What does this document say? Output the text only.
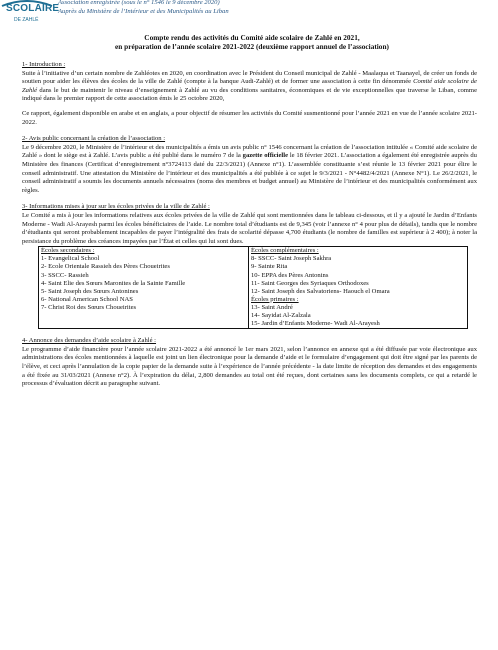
SCOLAIRE
DE ZAHLÉ
Association enregistrée (sous le n° 1546 le 9 décembre 2020)
Auprès du Ministère de l’Intérieur et des Municipalités au Liban
Compte rendu des activités du Comité aide scolaire de Zahlé en 2021,
en préparation de l’année scolaire 2021-2022 (deuxième rapport annuel de l’association)
1- Introduction :

Suite à l’initiative d’un certain nombre de Zahléotes en 2020, en coordination avec le Président du Conseil municipal de Zahlé - Maalaqua et Taanayel, de créer un fonds de soutien pour aider les élèves des écoles de la ville de Zahlé (compte à la banque Audi-Zahlé) et de former une association à cette fin dénommée Comité aide scolaire de Zahlé dans le but de maintenir le niveau d’enseignement à Zahlé au vu des conditions sanitaires, économiques et de vie exceptionnelles que traverse le Liban, comme indiqué dans le premier rapport de cette association émis le 25 octobre 2020,

Ce rapport, également disponible en arabe et en anglais, a pour objectif de résumer les activités du Comité susmentionné pour l’année 2021 en vue de l’année scolaire 2021-2022.

2- Avis public concernant la création de l’association :

Le 9 décembre 2020, le Ministère de l’intérieur et des municipalités a émis un avis public n° 1546 concernant la création de l’association intitulée « Comité aide scolaire de Zahlé » dont le siège est à Zahlé. L’avis public a été publié dans le numéro 7 de la gazette officielle le 18 février 2021. L’association a également été enregistrée auprès du Ministère des finances (Certificat d’enregistrement n°3724113 daté du 22/3/2021) (Annexe n°1). L’assemblée constituante s’est réunie le 13 février 2021 pour élire le conseil administratif. Une attestation du Ministère de l’intérieur et des municipalités a été publiée à ce sujet le 9/3/2021 - N°4482/4/2021 (Annexe N°1). Le 26/2/2021, le conseil administratif a soumis les documents annuels nécessaires (noms des membres et budget annuel) au Ministère de l’intérieur et des municipalités conformément aux règles.

3- Informations mises à jour sur les écoles privées de la ville de Zahlé :

Le Comité a mis à jour les informations relatives aux écoles privées de la ville de Zahlé qui sont mentionnées dans le tableau ci-dessous, et il y a ajouté le Jardin d’Enfants Moderne - Wadi Al-Arayesh parmi les écoles bénéficiaires de l’aide. Le nombre total d’étudiants est de 9,345 (voir l’annexe n° 4 pour plus de détails), tandis que le nombre d’étudiants qui seront probablement incapables de payer l’intégralité des frais de scolarité dépasse 4,700 étudiants (le nombre de familles est supérieur à 2 400); à noter la persistance du problème des créances impayées par l’État et celles qui lui sont dues.

Écoles secondaires :
1- Evangelical School
2- Ecole Orientale Rassieh des Pères Choueirites
3- SSCC- Rassieh
4- Saint Elie des Sœurs Maronites de la Sainte Famille
5- Saint Joseph des Sœurs Antonines
6- National American School NAS
7- Christ Roi des Sœurs Choueirites

Écoles complémentaires :
8- SSCC- Saint Joseph Sakhra
9- Sainte Rita
10- EPPA des Pères Antonins
11- Saint Georges des Syriaques Orthodoxes
12- Saint Joseph des Salvatoriens- Haouch el Omara
Écoles primaires :
13- Saint André
14- Sayidat Al-Zalzala
15- Jardin d’Enfants Moderne- Wadi Al-Arayesh
4- Annonce des demandes d’aide scolaire à Zahlé :

Le programme d’aide financière pour l’année scolaire 2021-2022 a été annoncé le 1er mars 2021, selon l’annonce en annexe qui a été diffusée par voie électronique aux administrations des écoles mentionnées à laquelle est joint un lien électronique pour la demande d’aide et le formulaire d’engagement qui doit être signé par les parents de l’élève, et ceci après l’annulation de la copie papier de la demande suite à l’expérience de l’année précédente - la date limite de réception des demandes et des engagements a été fixée au 31/03/2021 (Annexe n°2). À l’expiration du délai, 2,800 demandes au total ont été reçues, dont certaines sans les documents complets, ce qui a retardé le processus d’évaluation décrit au paragraphe suivant.
